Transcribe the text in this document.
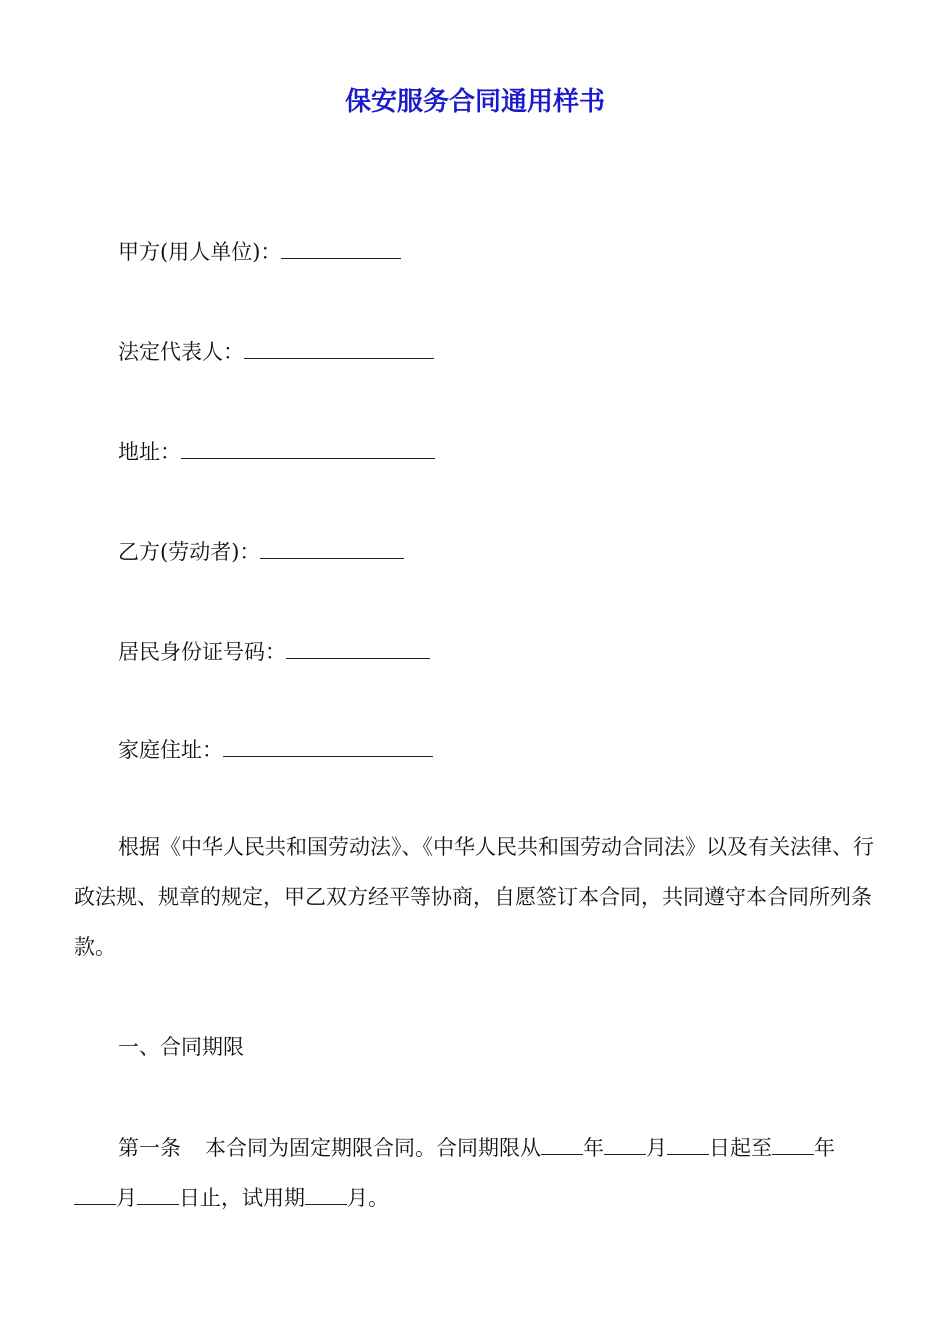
保安服务合同通用样书
甲方(用人单位)：
法定代表人：
地址：
乙方(劳动者)：
居民身份证号码：
家庭住址：

根据《中华人民共和国劳动法》、《中华人民共和国劳动合同法》以及有关法律、行政法规、规章的规定，甲乙双方经平等协商，自愿签订本合同，共同遵守本合同所列条款。

一、合同期限
第一条 本合同为固定期限合同。合同期限从 年 月 日起至 年
月 日止，试用期 月。
